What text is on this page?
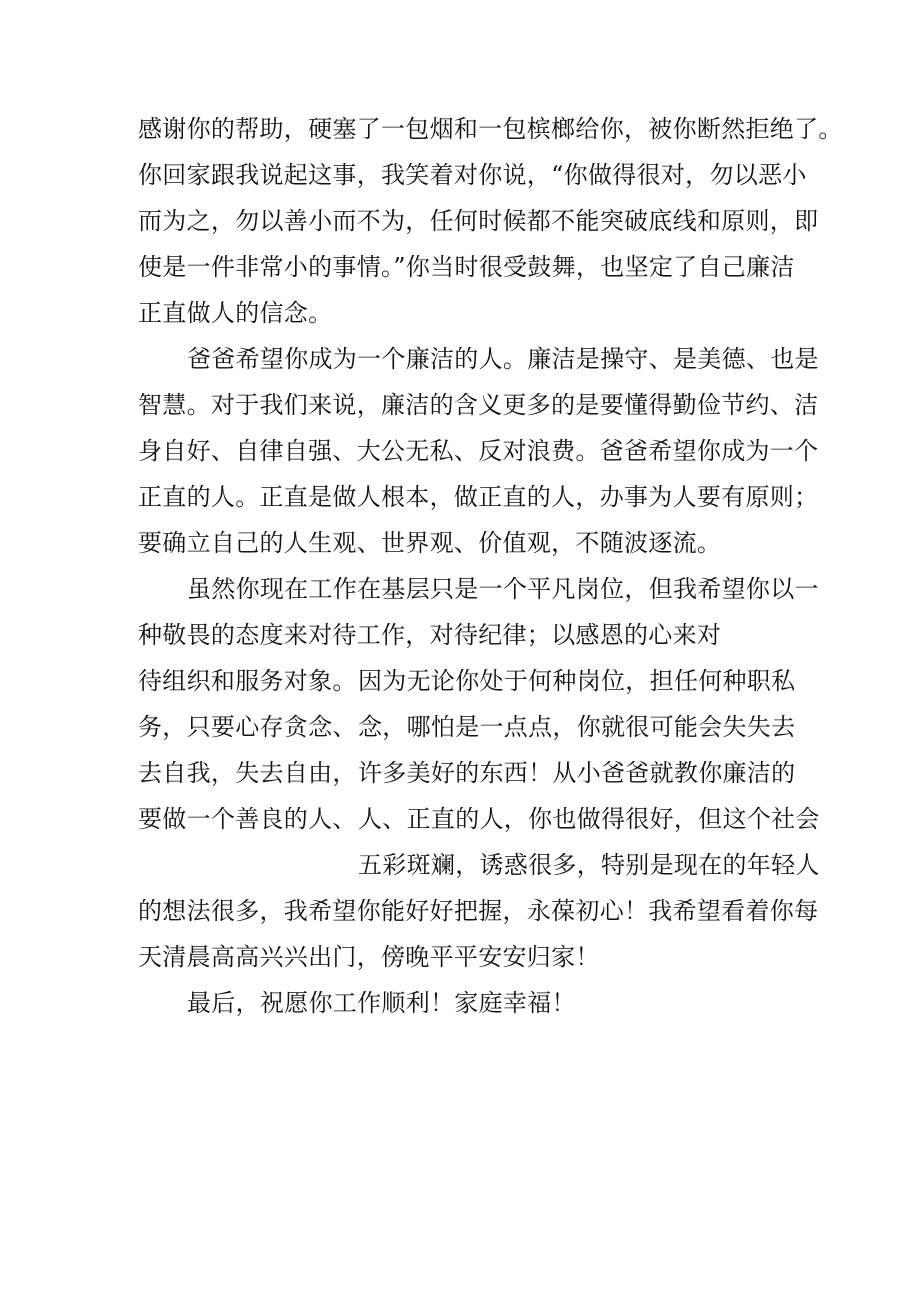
感谢你的帮助，硬塞了一包烟和一包槟榔给你，被你断然拒绝了。
你回家跟我说起这事，我笑着对你说，“你做得很对，勿以恶小
而为之，勿以善小而不为，任何时候都不能突破底线和原则，即
使是一件非常小的事情。”你当时很受鼓舞，也坚定了自己廉洁
正直做人的信念。
爸爸希望你成为一个廉洁的人。廉洁是操守、是美德、也是
智慧。对于我们来说，廉洁的含义更多的是要懂得勤俭节约、洁
身自好、自律自强、大公无私、反对浪费。爸爸希望你成为一个
正直的人。正直是做人根本，做正直的人，办事为人要有原则；
要确立自己的人生观、世界观、价值观，不随波逐流。
虽然你现在工作在基层只是一个平凡岗位，但我希望你以一
种敬畏的态度来对待工作，对待纪律；以感恩的心来对
待组织和服务对象。 因为无论你处于何种岗位，担任何种职私
务，只要心存贪念、 念，哪怕是一点点，你就很可能会失失去
去自我，失去自由， 许多美好的东西！从小爸爸就教你廉洁的
要做一个善良的人、 人、正直的人，你也做得很好，但这个社会
五彩斑斓，诱惑很多，特别是现在的年轻人
的想法很多，我希望你能好好把握，永葆初心！我希望看着你每
天清晨高高兴兴出门，傍晚平平安安归家！
最后，祝愿你工作顺利！家庭幸福！
